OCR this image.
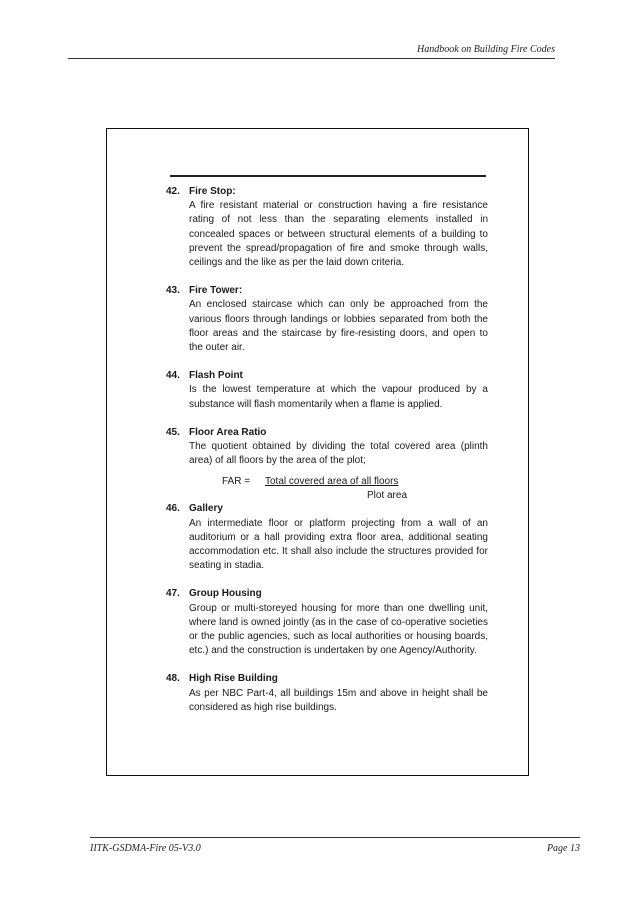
Handbook on Building Fire Codes
42. Fire Stop:
A fire resistant material or construction having a fire resistance rating of not less than the separating elements installed in concealed spaces or between structural elements of a building to prevent the spread/propagation of fire and smoke through walls, ceilings and the like as per the laid down criteria.
43. Fire Tower:
An enclosed staircase which can only be approached from the various floors through landings or lobbies separated from both the floor areas and the staircase by fire-resisting doors, and open to the outer air.
44. Flash Point
Is the lowest temperature at which the vapour produced by a substance will flash momentarily when a flame is applied.
45. Floor Area Ratio
The quotient obtained by dividing the total covered area (plinth area) of all floors by the area of the plot;
FAR = Total covered area of all floors
Plot area
46. Gallery
An intermediate floor or platform projecting from a wall of an auditorium or a hall providing extra floor area, additional seating accommodation etc. It shall also include the structures provided for seating in stadia.
47. Group Housing
Group or multi-storeyed housing for more than one dwelling unit, where land is owned jointly (as in the case of co-operative societies or the public agencies, such as local authorities or housing boards, etc.) and the construction is undertaken by one Agency/Authority.
48. High Rise Building
As per NBC Part-4, all buildings 15m and above in height shall be considered as high rise buildings.
IITK-GSDMA-Fire 05-V3.0	Page 13
